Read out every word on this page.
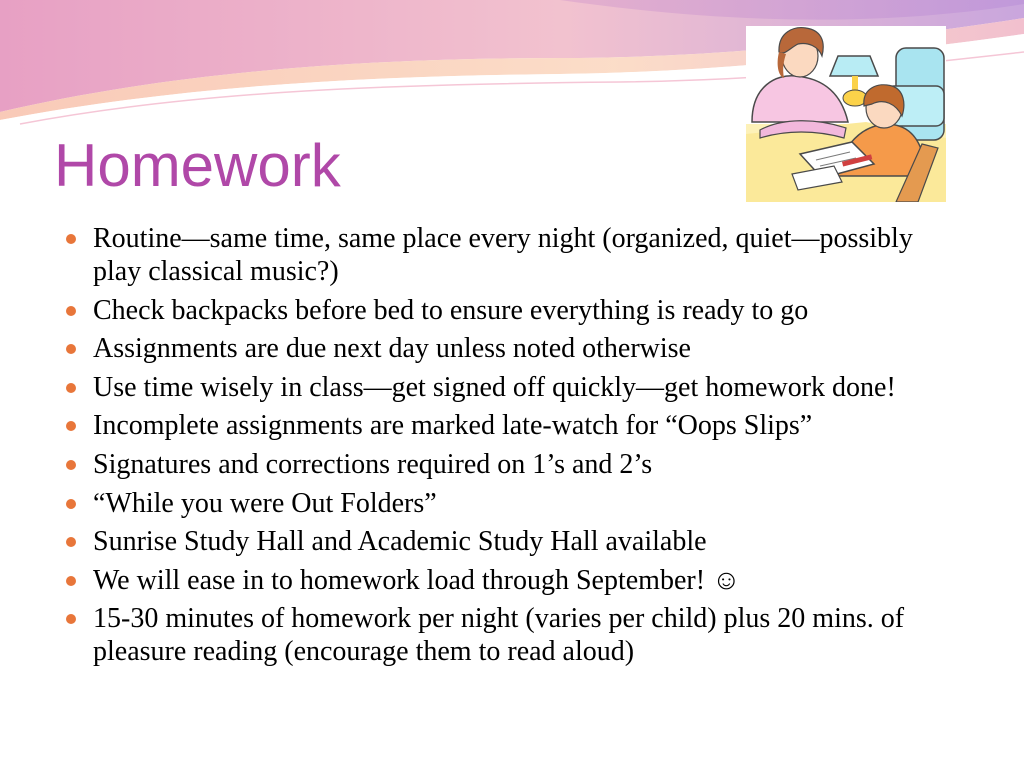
Homework
Routine—same time, same place every night (organized, quiet—possibly play classical music?)
Check backpacks before bed to ensure everything is ready to go
Assignments are due next day unless noted otherwise
Use time wisely in class—get signed off quickly—get homework done!
Incomplete assignments are marked late-watch for “Oops Slips”
Signatures and corrections required on 1’s and 2’s
“While you were Out Folders”
Sunrise Study Hall and Academic Study Hall available
We will ease in to homework load through September! ☺
15-30 minutes of homework per night (varies per child) plus 20 mins. of pleasure reading (encourage them to read aloud)
